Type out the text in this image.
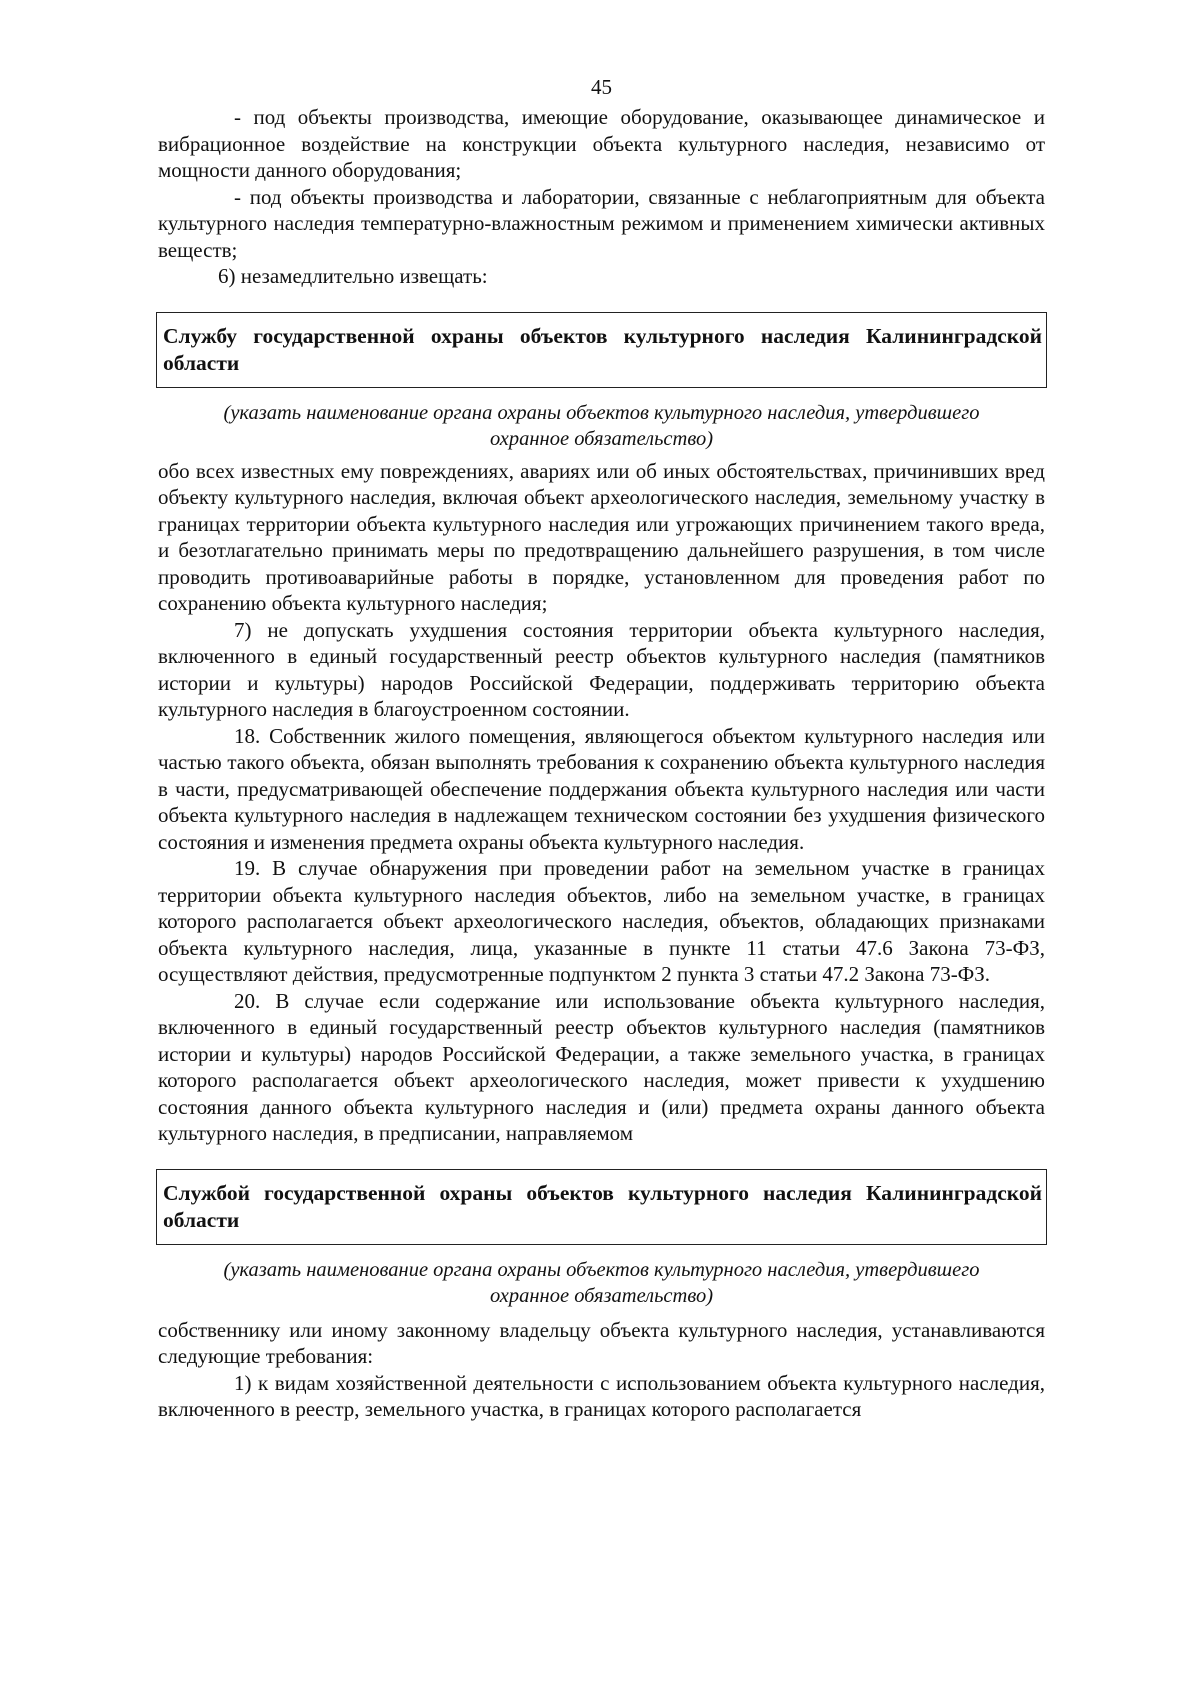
45

- под объекты производства, имеющие оборудование, оказывающее динамическое и вибрационное воздействие на конструкции объекта культурного наследия, независимо от мощности данного оборудования;

- под объекты производства и лаборатории, связанные с неблагоприятным для объекта культурного наследия температурно-влажностным режимом и применением химически активных веществ;

6) незамедлительно извещать:

Службу государственной охраны объектов культурного наследия Калининградской области

(указать наименование органа охраны объектов культурного наследия, утвердившего

охранное обязательство)

обо всех известных ему повреждениях, авариях или об иных обстоятельствах, причинивших вред объекту культурного наследия, включая объект археологического наследия, земельному участку в границах территории объекта культурного наследия или угрожающих причинением такого вреда, и безотлагательно принимать меры по предотвращению дальнейшего разрушения, в том числе проводить противоаварийные работы в порядке, установленном для проведения работ по сохранению объекта культурного наследия;

7) не допускать ухудшения состояния территории объекта культурного наследия, включенного в единый государственный реестр объектов культурного наследия (памятников истории и культуры) народов Российской Федерации, поддерживать территорию объекта культурного наследия в благоустроенном состоянии.

18. Собственник жилого помещения, являющегося объектом культурного наследия или частью такого объекта, обязан выполнять требования к сохранению объекта культурного наследия в части, предусматривающей обеспечение поддержания объекта культурного наследия или части объекта культурного наследия в надлежащем техническом состоянии без ухудшения физического состояния и изменения предмета охраны объекта культурного наследия.

19. В случае обнаружения при проведении работ на земельном участке в границах территории объекта культурного наследия объектов, либо на земельном участке, в границах которого располагается объект археологического наследия, объектов, обладающих признаками объекта культурного наследия, лица, указанные в пункте 11 статьи 47.6 Закона 73-ФЗ, осуществляют действия, предусмотренные подпунктом 2 пункта 3 статьи 47.2 Закона 73-ФЗ.

20. В случае если содержание или использование объекта культурного наследия, включенного в единый государственный реестр объектов культурного наследия (памятников истории и культуры) народов Российской Федерации, а также земельного участка, в границах которого располагается объект археологического наследия, может привести к ухудшению состояния данного объекта культурного наследия и (или) предмета охраны данного объекта культурного наследия, в предписании, направляемом

Службой государственной охраны объектов культурного наследия Калининградской области

(указать наименование органа охраны объектов культурного наследия, утвердившего

охранное обязательство)

собственнику или иному законному владельцу объекта культурного наследия, устанавливаются следующие требования:

1) к видам хозяйственной деятельности с использованием объекта культурного наследия, включенного в реестр, земельного участка, в границах которого располагается
